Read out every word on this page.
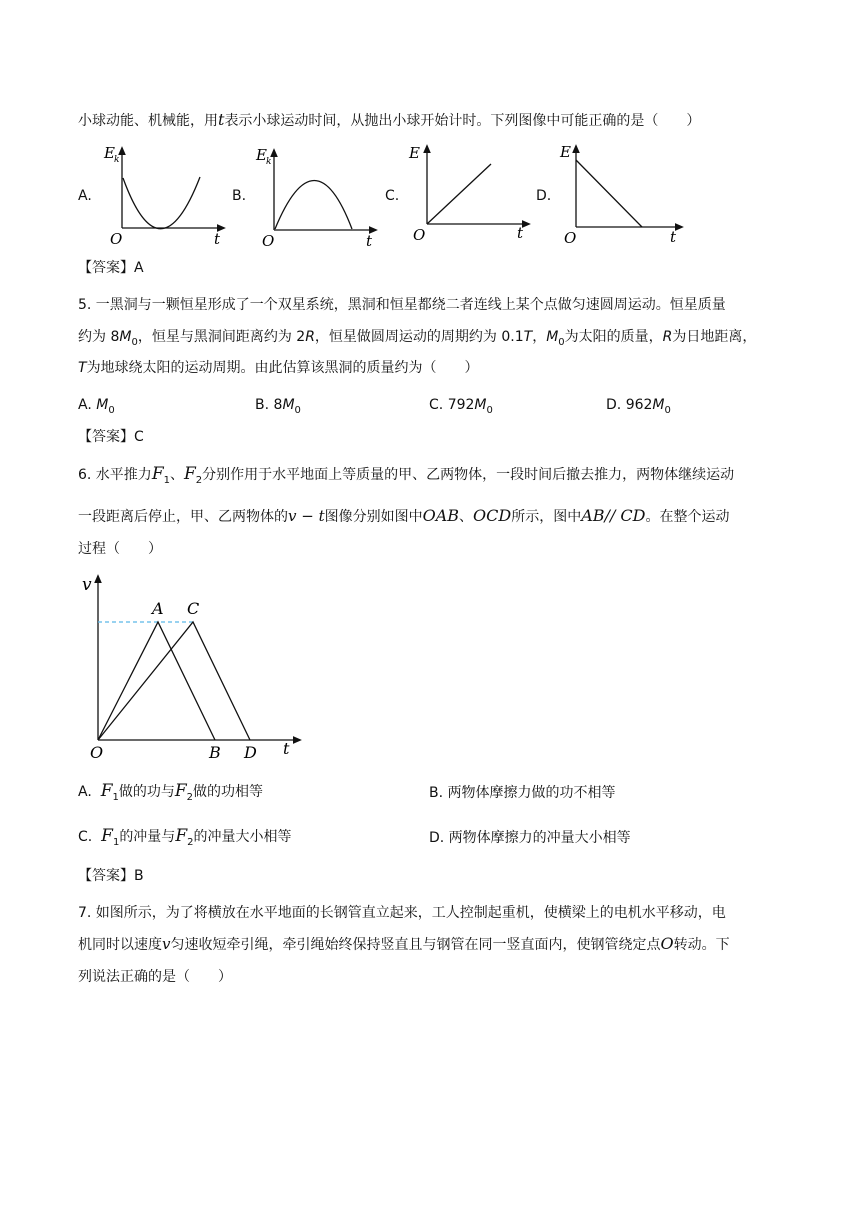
小球动能、机械能，用t表示小球运动时间，从抛出小球开始计时。下列图像中可能正确的是（　　）
A.	B.	C.	D.
E k
O	t
E k
O	t
E
O	t
E
O	t
【答案】A
5. 一黑洞与一颗恒星形成了一个双星系统，黑洞和恒星都绕二者连线上某个点做匀速圆周运动。恒星质量
约为 $8M_0$，恒星与黑洞间距离约为 2R，恒星做圆周运动的周期约为 0.1T，$M_0$为太阳的质量，R为日地距离，
T为地球绕太阳的运动周期。由此估算该黑洞的质量约为（　　）
A. $M_0$	B. $8M_0$	C. $792M_0$	D. $962M_0$
【答案】C
6. 水平推力$F_1$、$F_2$分别作用于水平地面上等质量的甲、乙两物体，一段时间后撤去推力，两物体继续运动
一段距离后停止，甲、乙两物体的v − t图像分别如图中OAB、OCD所示，图中AB// CD。在整个运动
过程（　　）
v
t
O
A C
B D
A. $F_1$做的功与$F_2$做的功相等	B. 两物体摩擦力做的功不相等
C. $F_1$的冲量与$F_2$的冲量大小相等	D. 两物体摩擦力的冲量大小相等
【答案】B
7. 如图所示，为了将横放在水平地面的长钢管直立起来，工人控制起重机，使横梁上的电机水平移动，电
机同时以速度v匀速收短牵引绳，牵引绳始终保持竖直且与钢管在同一竖直面内，使钢管绕定点O转动。下
列说法正确的是（　　）
